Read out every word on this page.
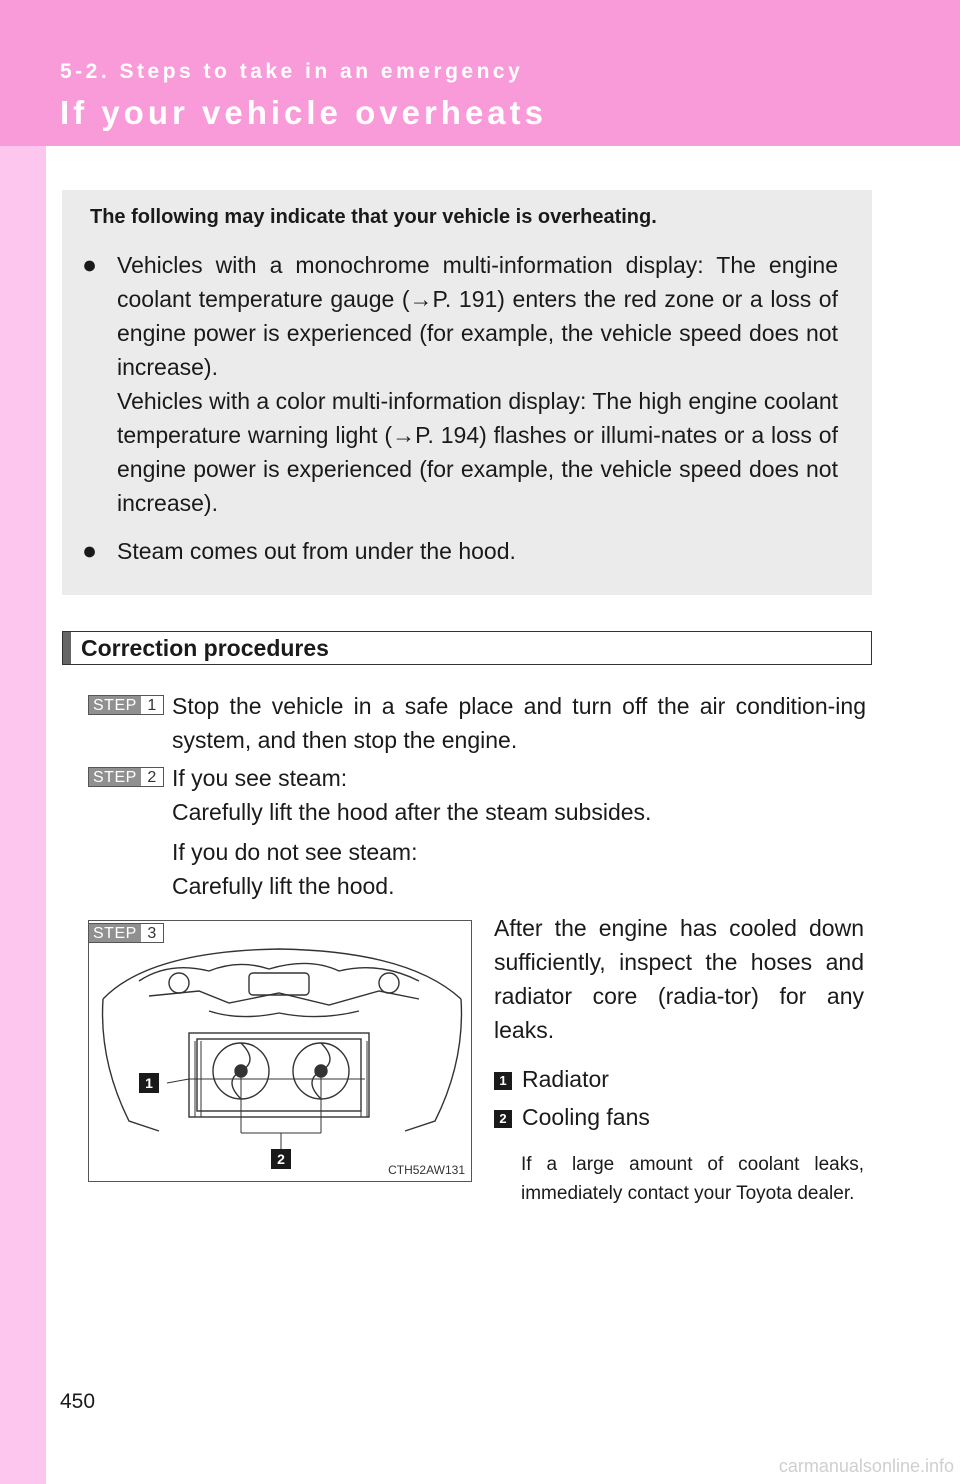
5-2. Steps to take in an emergency
If your vehicle overheats
The following may indicate that your vehicle is overheating.
● Vehicles with a monochrome multi-information display: The engine coolant temperature gauge (→P. 191) enters the red zone or a loss of engine power is experienced (for example, the vehicle speed does not increase).

Vehicles with a color multi-information display: The high engine coolant temperature warning light (→P. 194) flashes or illumi-nates or a loss of engine power is experienced (for example, the vehicle speed does not increase).

● Steam comes out from under the hood.
Correction procedures
STEP 1 Stop the vehicle in a safe place and turn off the air condition-ing system, and then stop the engine.

STEP 2 If you see steam:

Carefully lift the hood after the steam subsides.

If you do not see steam:

Carefully lift the hood.

STEP 3
1
2
CTH52AW131
After the engine has cooled down sufficiently, inspect the hoses and radiator core (radia-tor) for any leaks.
1 Radiator
2 Cooling fans
If a large amount of coolant leaks, immediately contact your Toyota dealer.
450
carmanualsonline.info
